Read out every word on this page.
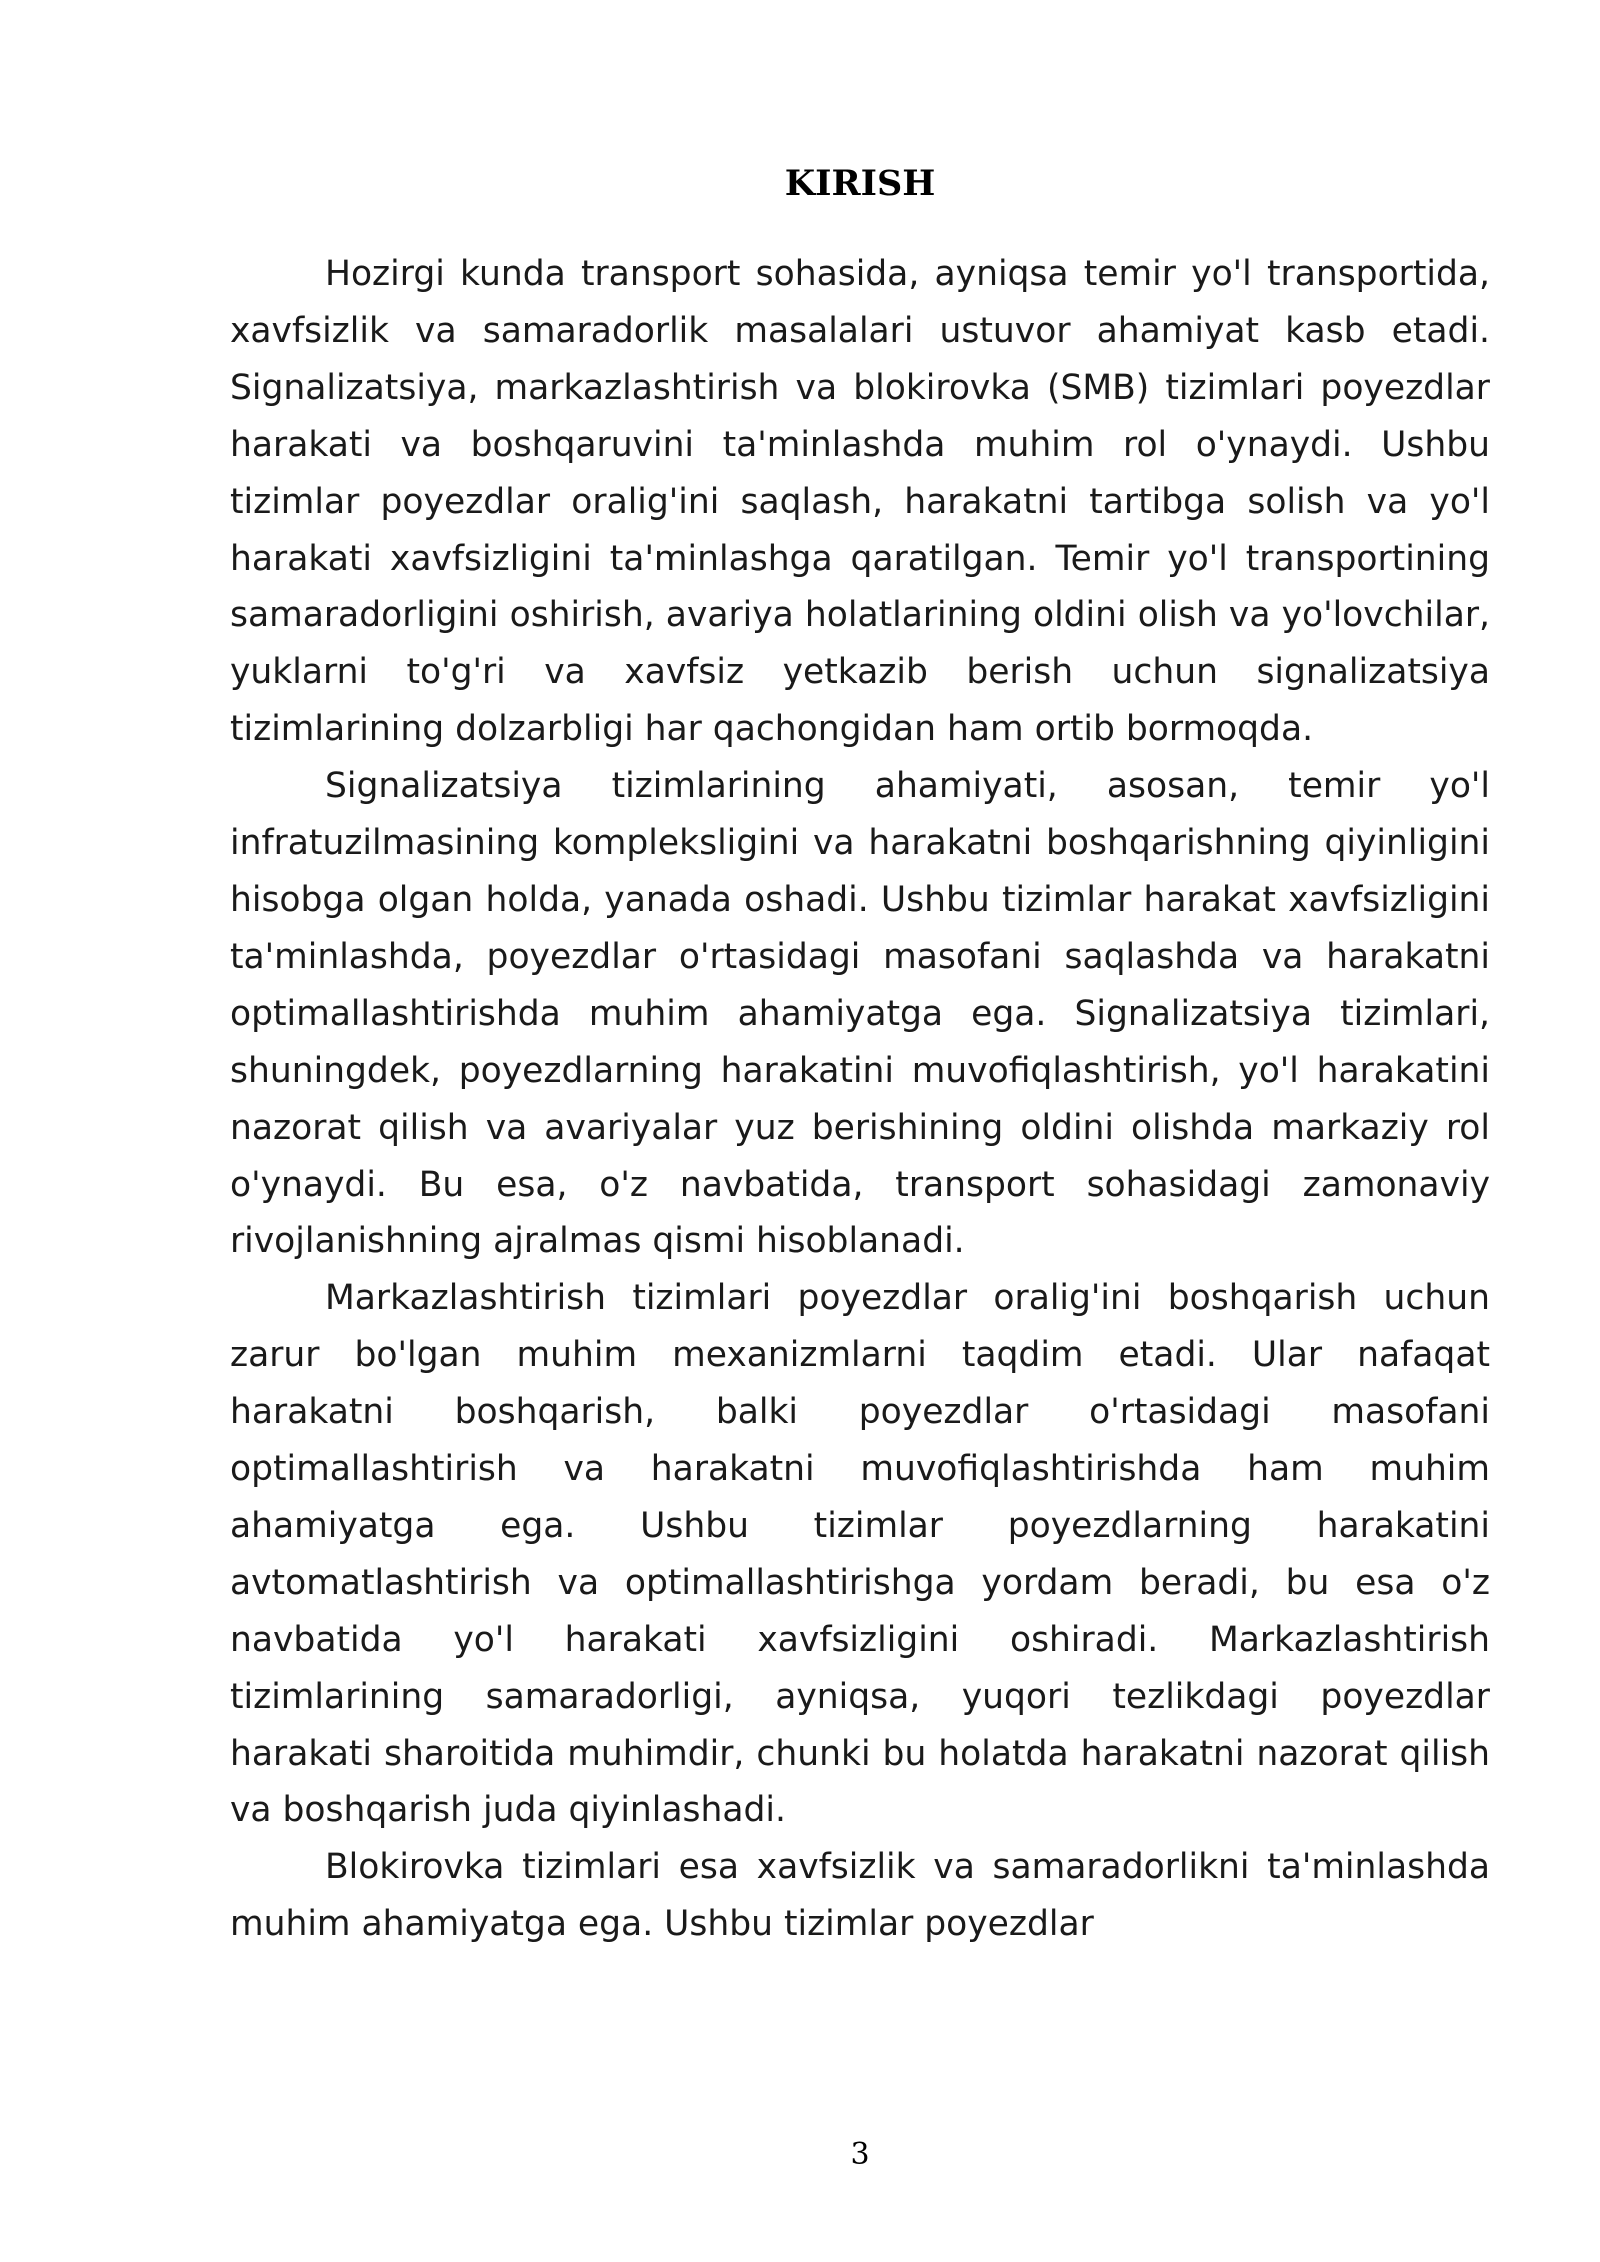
KIRISH

Hozirgi kunda transport sohasida, ayniqsa temir yo'l transportida, xavfsizlik va samaradorlik masalalari ustuvor ahamiyat kasb etadi. Signalizatsiya, markazlashtirish va blokirovka (SMB) tizimlari poyezdlar harakati va boshqaruvini ta'minlashda muhim rol o'ynaydi. Ushbu tizimlar poyezdlar oralig'ini saqlash, harakatni tartibga solish va yo'l harakati xavfsizligini ta'minlashga qaratilgan. Temir yo'l transportining samaradorligini oshirish, avariya holatlarining oldini olish va yo'lovchilar, yuklarni to'g'ri va xavfsiz yetkazib berish uchun signalizatsiya tizimlarining dolzarbligi har qachongidan ham ortib bormoqda.

Signalizatsiya tizimlarining ahamiyati, asosan, temir yo'l infratuzilmasining kompleksligini va harakatni boshqarishning qiyinligini hisobga olgan holda, yanada oshadi. Ushbu tizimlar harakat xavfsizligini ta'minlashda, poyezdlar o'rtasidagi masofani saqlashda va harakatni optimallashtirishda muhim ahamiyatga ega. Signalizatsiya tizimlari, shuningdek, poyezdlarning harakatini muvofiqlashtirish, yo'l harakatini nazorat qilish va avariyalar yuz berishining oldini olishda markaziy rol o'ynaydi. Bu esa, o'z navbatida, transport sohasidagi zamonaviy rivojlanishning ajralmas qismi hisoblanadi.

Markazlashtirish tizimlari poyezdlar oralig'ini boshqarish uchun zarur bo'lgan muhim mexanizmlarni taqdim etadi. Ular nafaqat harakatni boshqarish, balki poyezdlar o'rtasidagi masofani optimallashtirish va harakatni muvofiqlashtirishda ham muhim ahamiyatga ega. Ushbu tizimlar poyezdlarning harakatini avtomatlashtirish va optimallashtirishga yordam beradi, bu esa o'z navbatida yo'l harakati xavfsizligini oshiradi. Markazlashtirish tizimlarining samaradorligi, ayniqsa, yuqori tezlikdagi poyezdlar harakati sharoitida muhimdir, chunki bu holatda harakatni nazorat qilish va boshqarish juda qiyinlashadi.

Blokirovka tizimlari esa xavfsizlik va samaradorlikni ta'minlashda muhim ahamiyatga ega. Ushbu tizimlar poyezdlar

3
